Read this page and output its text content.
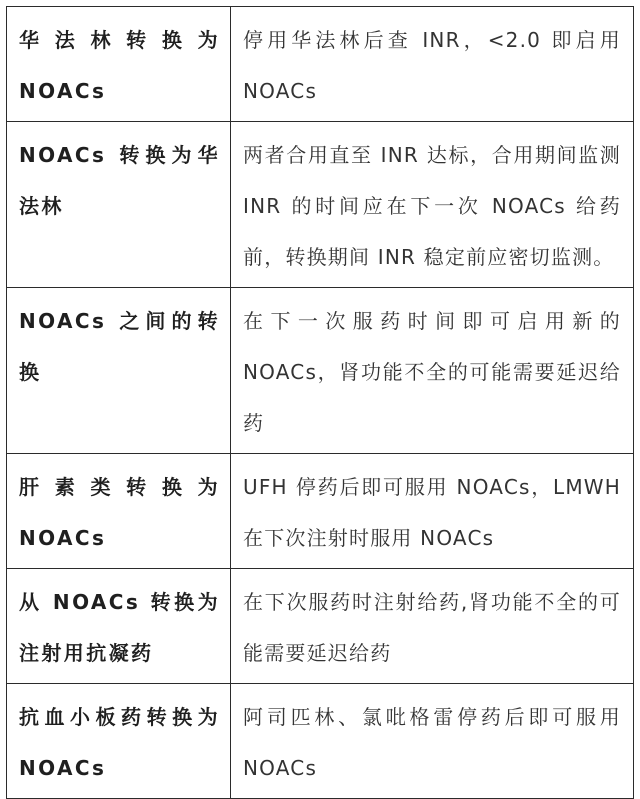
华 法 林 转 换 为 NOACs	停用华法林后查 INR，<2.0 即启用 NOACs
NOACs 转换为华法林	两者合用直至 INR 达标，合用期间监测 INR 的时间应在下一次 NOACs 给药前，转换期间 INR 稳定前应密切监测。
NOACs 之间的转换	在下一次服药时间即可启用新的 NOACs，肾功能不全的可能需要延迟给药
肝 素 类 转 换 为 NOACs	UFH 停药后即可服用 NOACs，LMWH 在下次注射时服用 NOACs
从 NOACs 转换为注射用抗凝药	在下次服药时注射给药,肾功能不全的可能需要延迟给药
抗血小板药转换为 NOACs	阿司匹林、氯吡格雷停药后即可服用 NOACs
